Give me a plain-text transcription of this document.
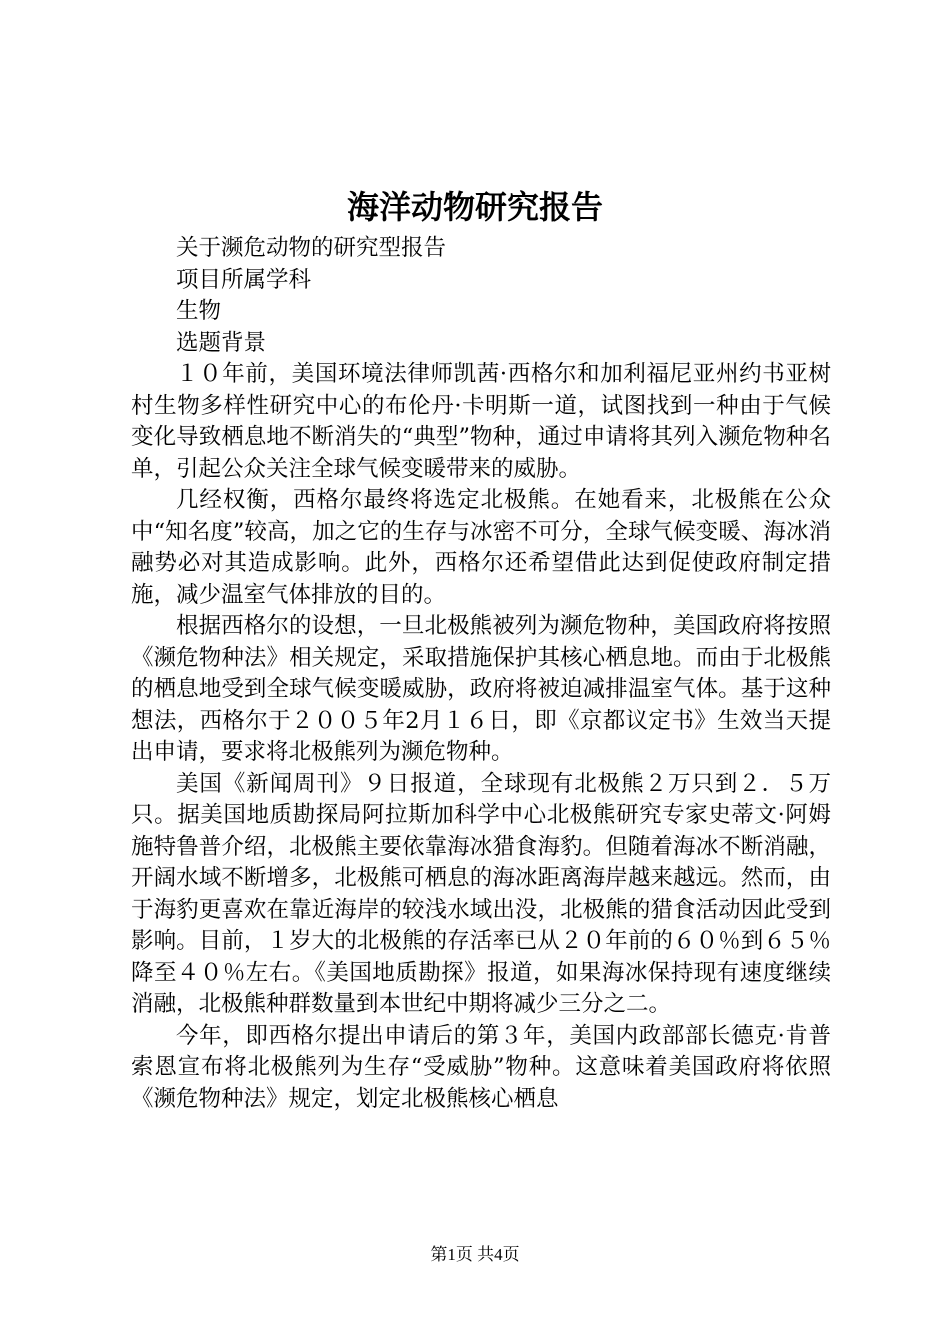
海洋动物研究报告

关于濒危动物的研究型报告

项目所属学科

生物

选题背景

１０年前，美国环境法律师凯茜·西格尔和加利福尼亚州约书亚树村生物多样性研究中心的布伦丹·卡明斯一道，试图找到一种由于气候变化导致栖息地不断消失的“典型”物种，通过申请将其列入濒危物种名单，引起公众关注全球气候变暖带来的威胁。

几经权衡，西格尔最终将选定北极熊。在她看来，北极熊在公众中“知名度”较高，加之它的生存与冰密不可分，全球气候变暖、海冰消融势必对其造成影响。此外，西格尔还希望借此达到促使政府制定措施，减少温室气体排放的目的。

根据西格尔的设想，一旦北极熊被列为濒危物种，美国政府将按照《濒危物种法》相关规定，采取措施保护其核心栖息地。而由于北极熊的栖息地受到全球气候变暖威胁，政府将被迫减排温室气体。基于这种想法，西格尔于２００５年2月１６日，即《京都议定书》生效当天提出申请，要求将北极熊列为濒危物种。

美国《新闻周刊》９日报道，全球现有北极熊２万只到２．５万只。据美国地质勘探局阿拉斯加科学中心北极熊研究专家史蒂文·阿姆施特鲁普介绍，北极熊主要依靠海冰猎食海豹。但随着海冰不断消融，开阔水域不断增多，北极熊可栖息的海冰距离海岸越来越远。然而，由于海豹更喜欢在靠近海岸的较浅水域出没，北极熊的猎食活动因此受到影响。目前，１岁大的北极熊的存活率已从２０年前的６０％到６５％降至４０％左右。《美国地质勘探》报道，如果海冰保持现有速度继续消融，北极熊种群数量到本世纪中期将减少三分之二。

今年，即西格尔提出申请后的第３年，美国内政部部长德克·肯普索恩宣布将北极熊列为生存“受威胁”物种。这意味着美国政府将依照《濒危物种法》规定，划定北极熊核心栖息

第1页 共4页
